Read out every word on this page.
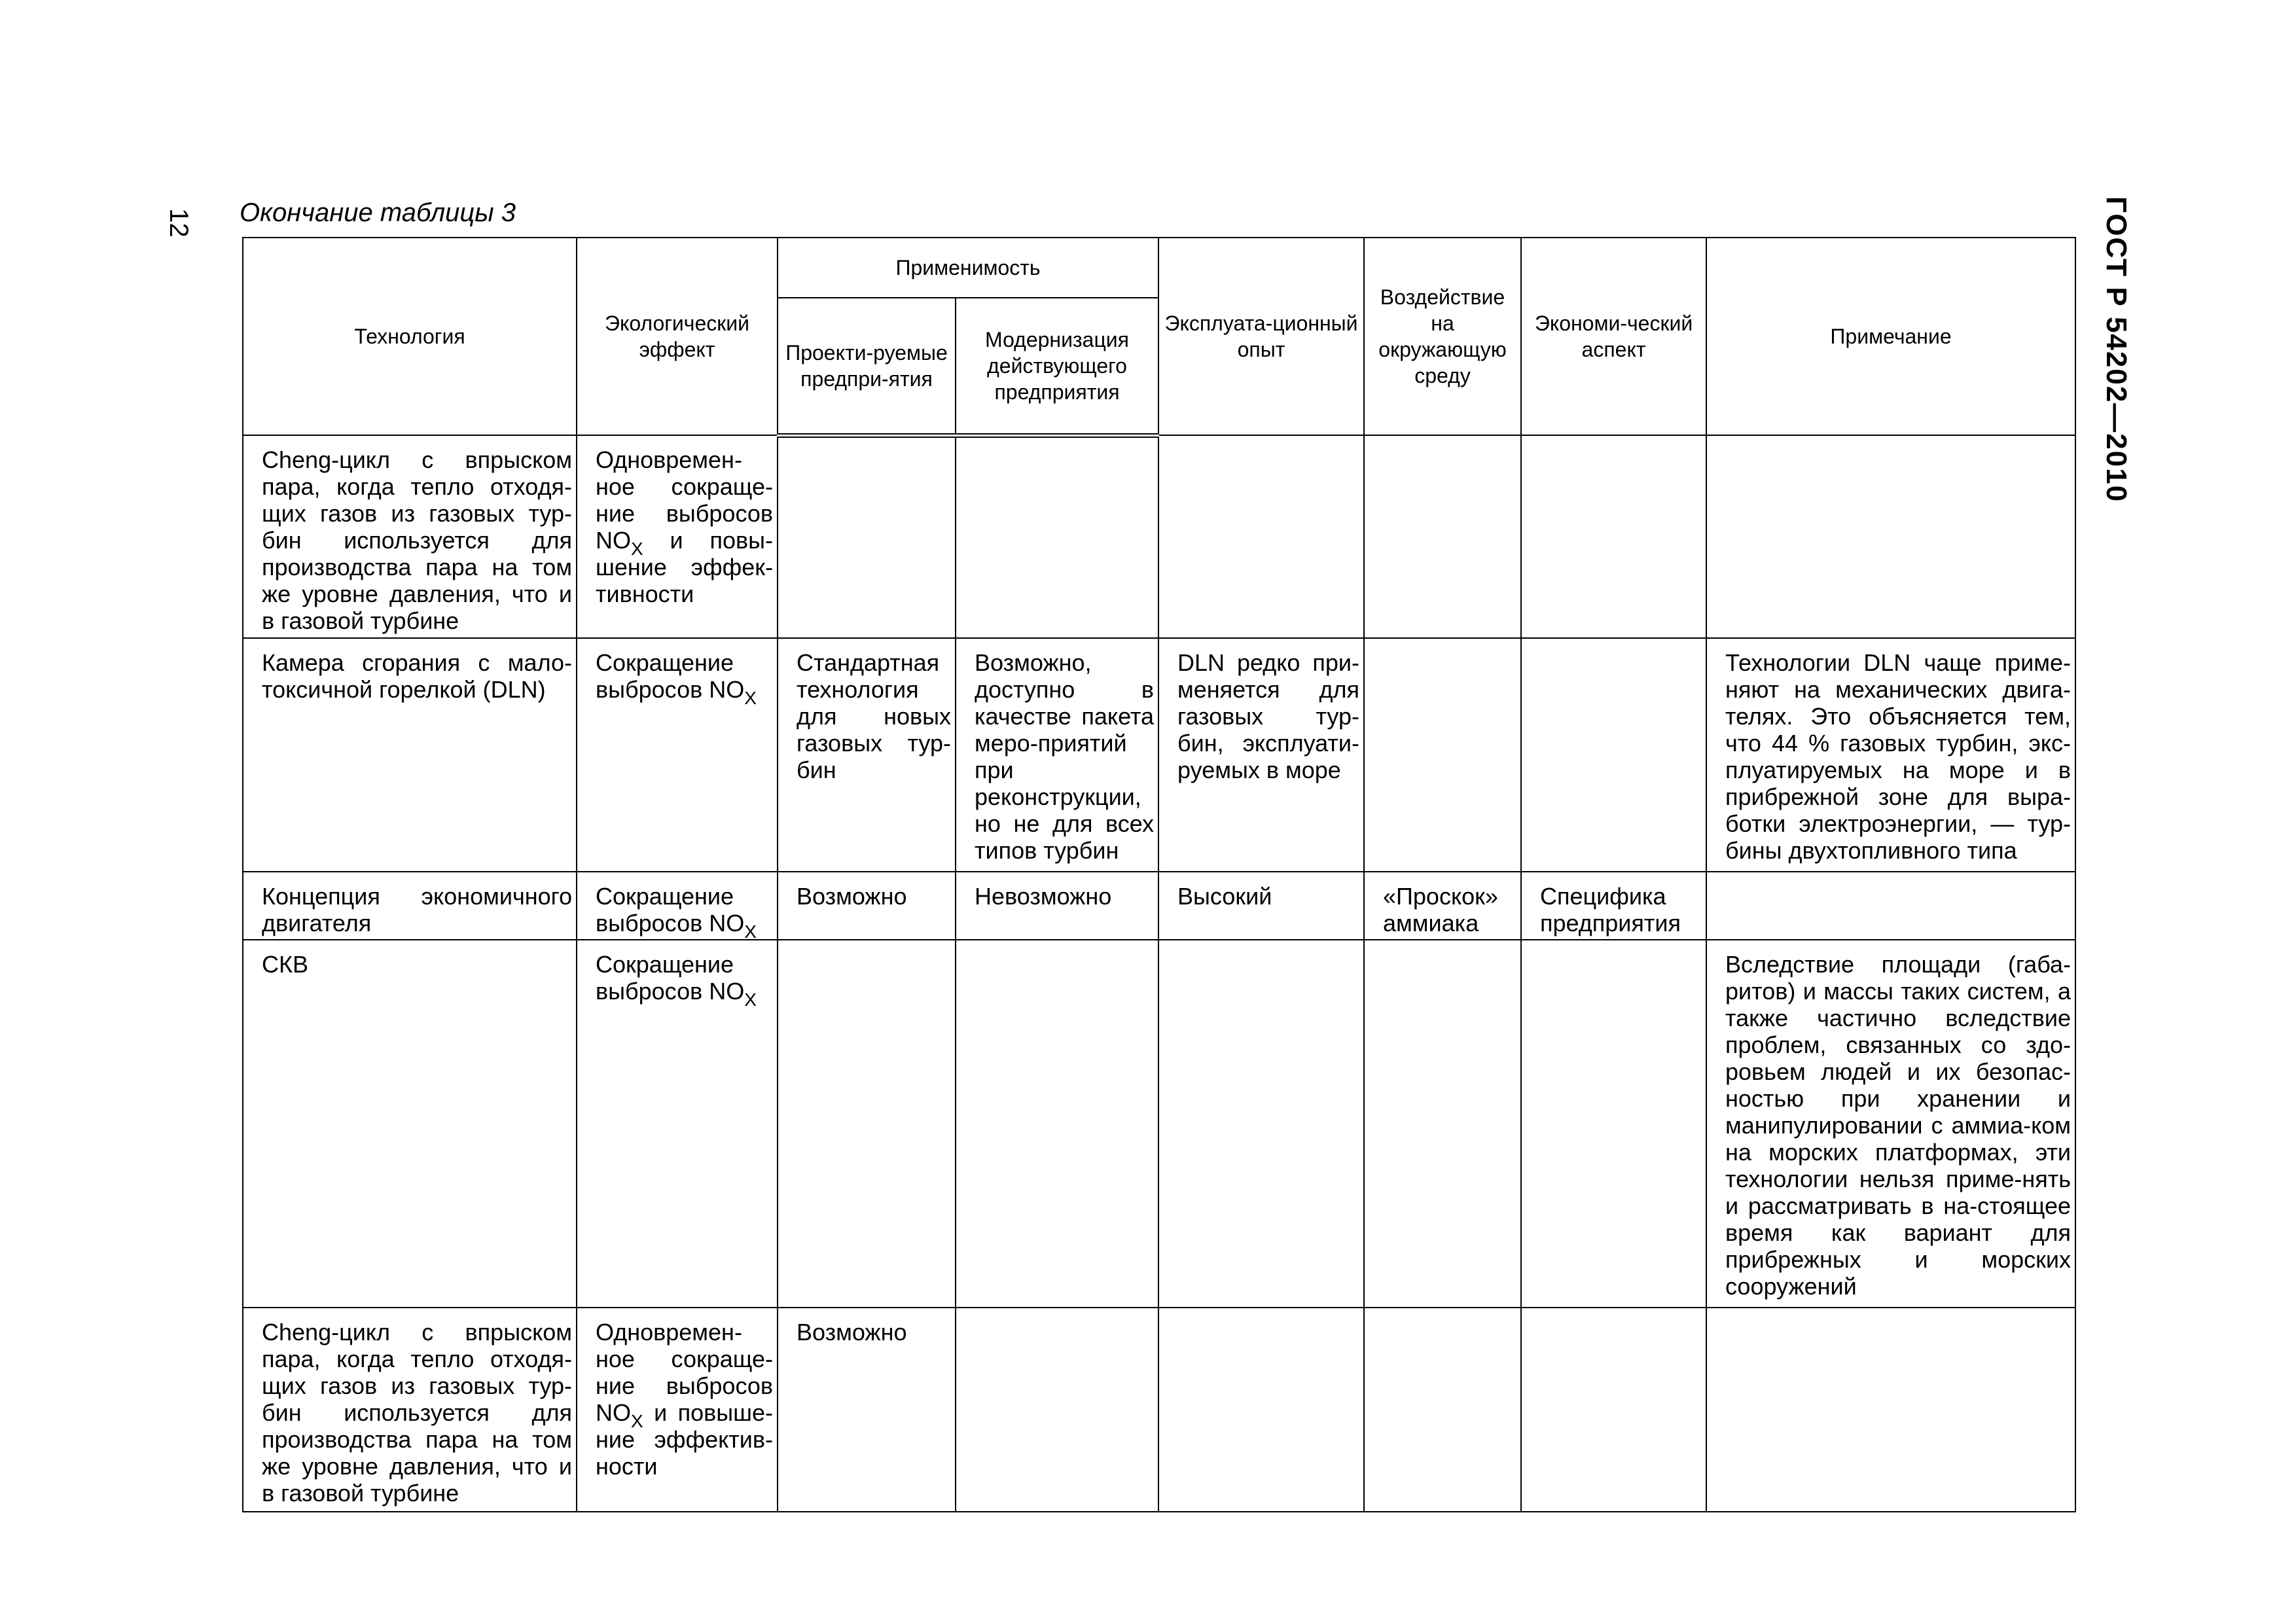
12	ГОСТ Р 54202—2010
Окончание таблицы 3
Технология	Экологический эффект	Применимость		Эксплуата-ционный опыт	Воздействие на окружающую среду	Экономи-ческий аспект	Примечание
		Проекти-руемые предпри-ятия	Модернизация действующего предприятия				
Cheng-цикл с впрыском пара, когда тепло отходя-щих газов из газовых тур-бин используется для производства пара на том же уровне давления, что и в газовой турбине	Одновремен-ное сокраще-ние выбросов $NO_X$ и повы-шение эффек-тивности						
Камера сгорания с мало-токсичной горелкой (DLN)	Сокращение выбросов $NO_X$	Стандартная технология для новых газовых тур-бин	Возможно, доступно в качестве пакета меро-приятий при реконструкции, но не для всех типов турбин	DLN редко при-меняется для газовых тур-бин, эксплуати-руемых в море			Технологии DLN чаще приме-няют на механических двига-телях. Это объясняется тем, что 44 % газовых турбин, экс-плуатируемых на море и в прибрежной зоне для выра-ботки электроэнергии, — тур-бины двухтопливного типа
Концепция экономичного двигателя	Сокращение выбросов $NO_X$	Возможно	Невозможно	Высокий	«Проскок» аммиака	Специфика предприятия	
СКВ	Сокращение выбросов $NO_X$						Вследствие площади (габа-ритов) и массы таких систем, а также частично вследствие проблем, связанных со здо-ровьем людей и их безопас-ностью при хранении и манипулировании с аммиа-ком на морских платформах, эти технологии нельзя приме-нять и рассматривать в на-стоящее время как вариант для прибрежных и морских сооружений
Cheng-цикл с впрыском пара, когда тепло отходя-щих газов из газовых тур-бин используется для производства пара на том же уровне давления, что и в газовой турбине	Одновремен-ное сокраще-ние выбросов $NO_X$ и повыше-ние эффектив-ности	Возможно					
